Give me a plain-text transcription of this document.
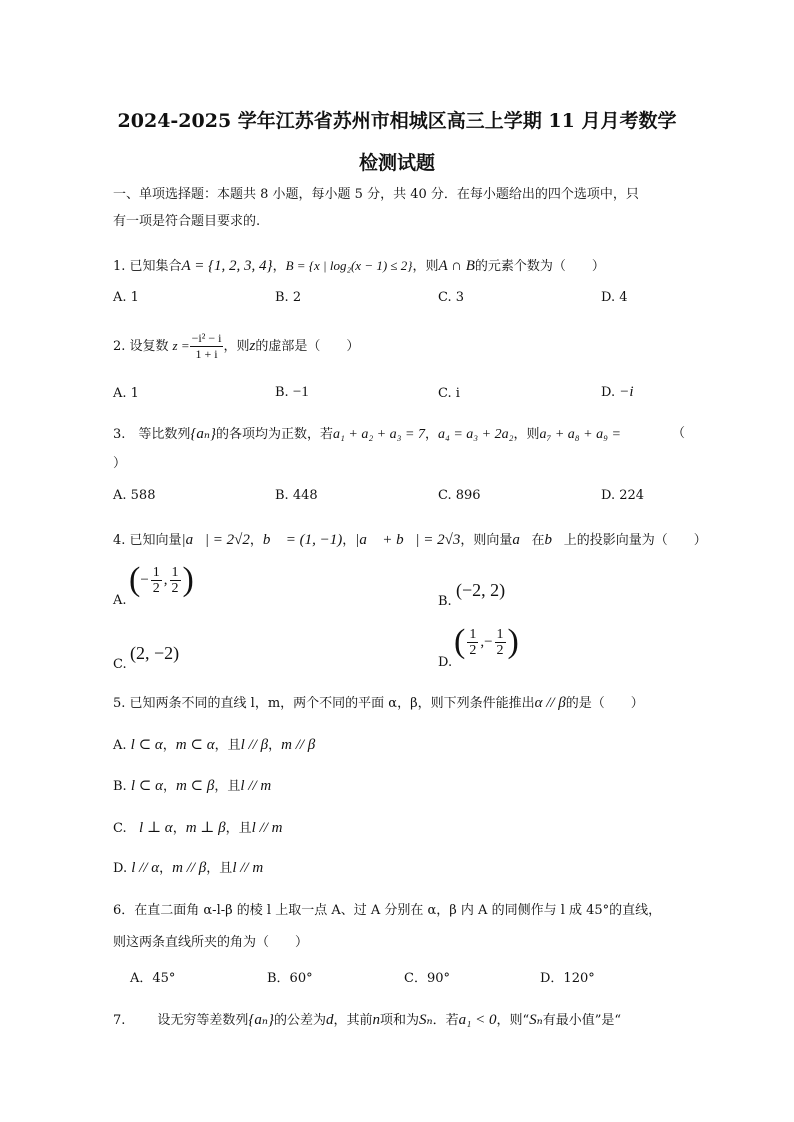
2024-2025 学年江苏省苏州市相城区高三上学期 11 月月考数学
检测试题
一、单项选择题：本题共 8 小题，每小题 5 分，共 40 分．在每小题给出的四个选项中，只
有一项是符合题目要求的.
1. 已知集合A = {1, 2, 3, 4}，B = {x | log₂(x − 1) ≤ 2}，则A ∩ B的元素个数为（　　）
A. 1	B. 2	C. 3	D. 4
2. 设复数 $z = \frac{\text{−i² − i}}{1 + i}$ ，则z的虚部是（　　）
A. 1	B. −1	C. i	D. −i
3.　等比数列{aₙ}的各项均为正数，若a₁ + a₂ + a₃ = 7，a₄ = a₃ + 2a₂，则a₇ + a₈ + a₉ =	（
）
A. 588	B. 448	C. 896	D. 224
4. 已知向量|a⃗| = 2√2，b⃗ = (1, −1)，|a⃗ + b⃗| = 2√3，则向量a⃗在b⃗上的投影向量为（　　）
A.
( − $\frac{1}{2}$ , $\frac{1}{2}$ )
B.
(−2, 2)
C.
(2, −2)	D.
( $\frac{1}{2}$ , − $\frac{1}{2}$ )
5. 已知两条不同的直线 l，m，两个不同的平面 α，β，则下列条件能推出α // β的是（　　）
A. l ⊂ α，m ⊂ α，且l // β，m // β
B. l ⊂ α，m ⊂ β，且l // m
C. l ⊥ α，m ⊥ β，且l // m
D. l // α，m // β，且l // m
6．在直二面角 α-l-β 的棱 l 上取一点 A、过 A 分别在 α，β 内 A 的同侧作与 l 成 45°的直线，
则这两条直线所夹的角为（　　）
A．45°	B．60°	C．90°	D．120°
7. 设无穷等差数列{aₙ}的公差为d，其前n项和为Sₙ．若a₁ < 0，则“Sₙ有最小值”是“
